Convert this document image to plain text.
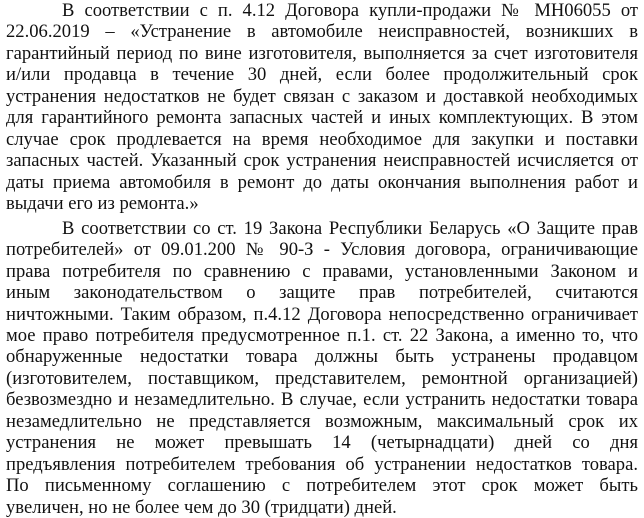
В соответствии с п. 4.12 Договора купли-продажи № МН06055 от
22.06.2019 – «Устранение в автомобиле неисправностей, возникших в
гарантийный период по вине изготовителя, выполняется за счет изготовителя
и/или продавца в течение 30 дней, если более продолжительный срок
устранения недостатков не будет связан с заказом и доставкой необходимых
для гарантийного ремонта запасных частей и иных комплектующих. В этом
случае срок продлевается на время необходимое для закупки и поставки
запасных частей. Указанный срок устранения неисправностей исчисляется от
даты приема автомобиля в ремонт до даты окончания выполнения работ и
выдачи его из ремонта.»
В соответствии со ст. 19 Закона Республики Беларусь «О Защите прав
потребителей» от 09.01.200 № 90-З - Условия договора, ограничивающие
права потребителя по сравнению с правами, установленными Законом и
иным законодательством о защите прав потребителей, считаются
ничтожными. Таким образом, п.4.12 Договора непосредственно ограничивает
мое право потребителя предусмотренное п.1. ст. 22 Закона, а именно то, что
обнаруженные недостатки товара должны быть устранены продавцом
(изготовителем, поставщиком, представителем, ремонтной организацией)
безвозмездно и незамедлительно. В случае, если устранить недостатки товара
незамедлительно не представляется возможным, максимальный срок их
устранения не может превышать 14 (четырнадцати) дней со дня
предъявления потребителем требования об устранении недостатков товара.
По письменному соглашению с потребителем этот срок может быть
увеличен, но не более чем до 30 (тридцати) дней.
